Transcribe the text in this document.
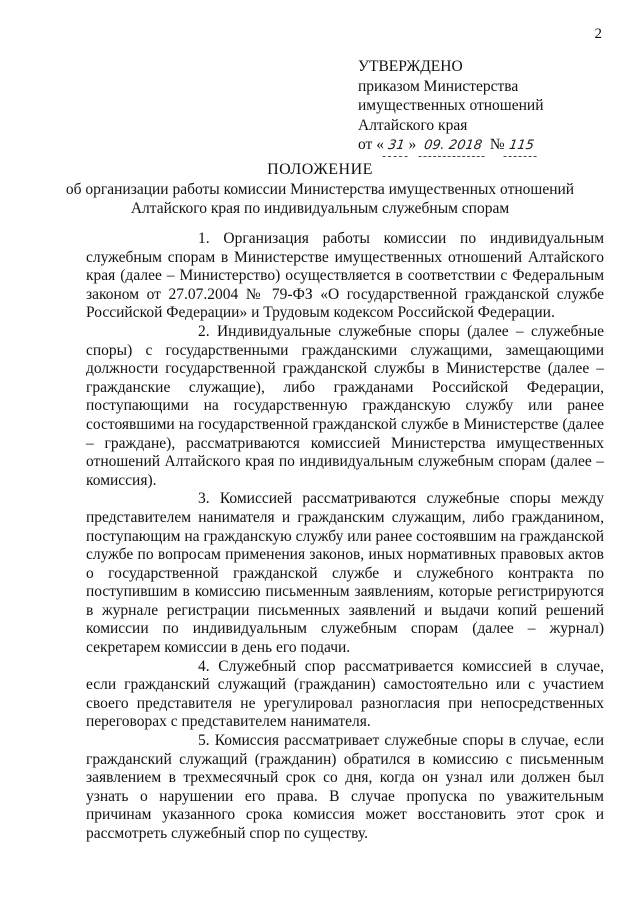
2
УТВЕРЖДЕНО
приказом Министерства
имущественных отношений
Алтайского края
от « 31 » 09. 2018 № 115
ПОЛОЖЕНИЕ
об организации работы комиссии Министерства имущественных отношений
Алтайского края по индивидуальным служебным спорам

1. Организация работы комиссии по индивидуальным служебным спорам в Министерстве имущественных отношений Алтайского края (далее – Министерство) осуществляется в соответствии с Федеральным законом от 27.07.2004 № 79-ФЗ «О государственной гражданской службе Российской Федерации» и Трудовым кодексом Российской Федерации.

2. Индивидуальные служебные споры (далее – служебные споры) с государственными гражданскими служащими, замещающими должности государственной гражданской службы в Министерстве (далее – гражданские служащие), либо гражданами Российской Федерации, поступающими на государственную гражданскую службу или ранее состоявшими на государственной гражданской службе в Министерстве (далее – граждане), рассматриваются комиссией Министерства имущественных отношений Алтайского края по индивидуальным служебным спорам (далее – комиссия).

3. Комиссией рассматриваются служебные споры между представителем нанимателя и гражданским служащим, либо гражданином, поступающим на гражданскую службу или ранее состоявшим на гражданской службе по вопросам применения законов, иных нормативных правовых актов о государственной гражданской службе и служебного контракта по поступившим в комиссию письменным заявлениям, которые регистрируются в журнале регистрации письменных заявлений и выдачи копий решений комиссии по индивидуальным служебным спорам (далее – журнал) секретарем комиссии в день его подачи.

4. Служебный спор рассматривается комиссией в случае, если гражданский служащий (гражданин) самостоятельно или с участием своего представителя не урегулировал разногласия при непосредственных переговорах с представителем нанимателя.

5. Комиссия рассматривает служебные споры в случае, если гражданский служащий (гражданин) обратился в комиссию с письменным заявлением в трехмесячный срок со дня, когда он узнал или должен был узнать о нарушении его права. В случае пропуска по уважительным причинам указанного срока комиссия может восстановить этот срок и рассмотреть служебный спор по существу.
